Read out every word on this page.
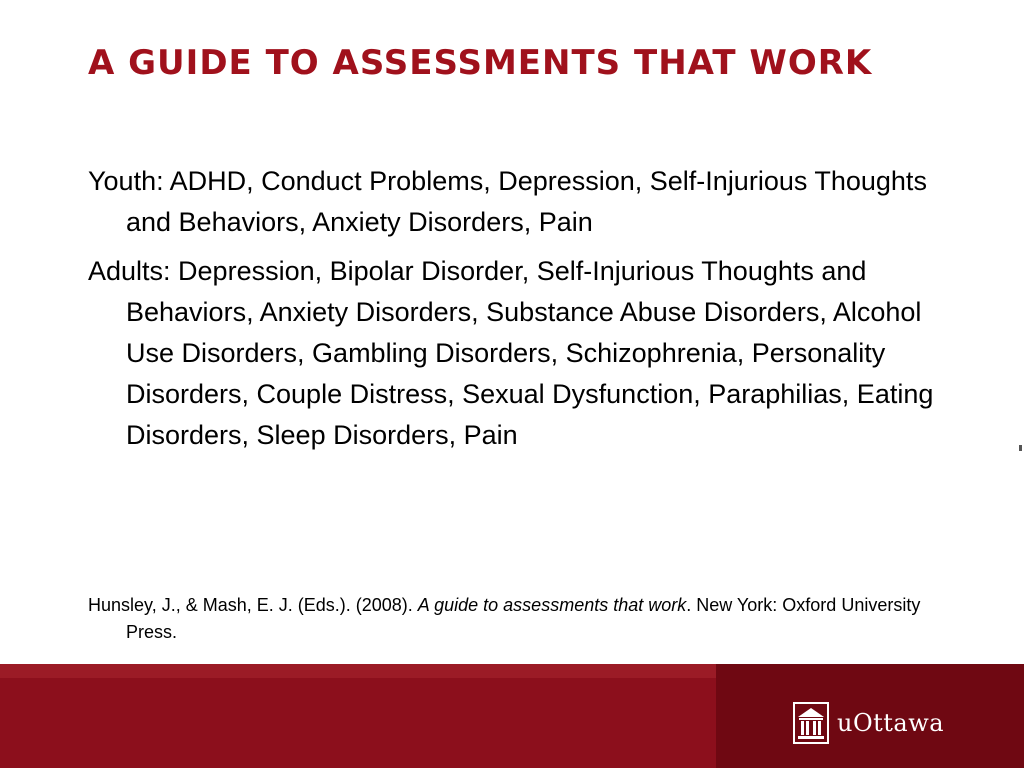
A GUIDE TO ASSESSMENTS THAT WORK

Youth: ADHD, Conduct Problems, Depression, Self-Injurious Thoughts and Behaviors, Anxiety Disorders, Pain

Adults: Depression, Bipolar Disorder, Self-Injurious Thoughts and Behaviors, Anxiety Disorders, Substance Abuse Disorders, Alcohol Use Disorders, Gambling Disorders, Schizophrenia, Personality Disorders, Couple Distress, Sexual Dysfunction, Paraphilias, Eating Disorders, Sleep Disorders, Pain

Hunsley, J., & Mash, E. J. (Eds.). (2008). A guide to assessments that work. New York: Oxford University Press.

uOttawa
